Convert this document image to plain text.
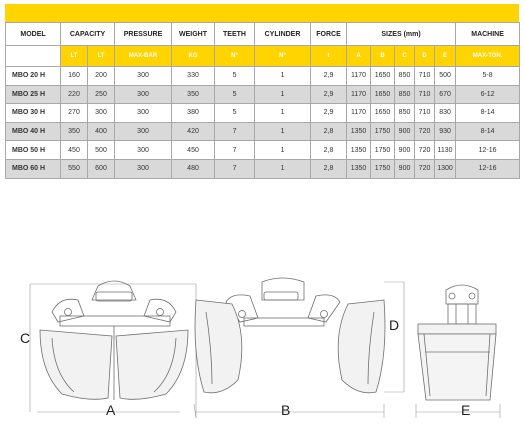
MODEL	CAPACITY		PRESSURE	WEIGHT	TEETH	CYLINDER	FORCE	SIZES (mm)					MACHINE
	LT	LT	MAX-BAR	KG	N°	N°	t	A	B	C	D	E	MAX-TON.
MBO 20 H	160	200	300	330	5	1	2,9	1170	1650	850	710	500	5-8
MBO 25 H	220	250	300	350	5	1	2,9	1170	1650	850	710	670	6-12
MBO 30 H	270	300	300	380	5	1	2,9	1170	1650	850	710	830	8-14
MBO 40 H	350	400	300	420	7	1	2,8	1350	1750	900	720	930	8-14
MBO 50 H	450	500	300	450	7	1	2,8	1350	1750	900	720	1130	12-16
MBO 60 H	550	600	300	480	7	1	2,8	1350	1750	900	720	1300	12-16
C
A	B
D
E
